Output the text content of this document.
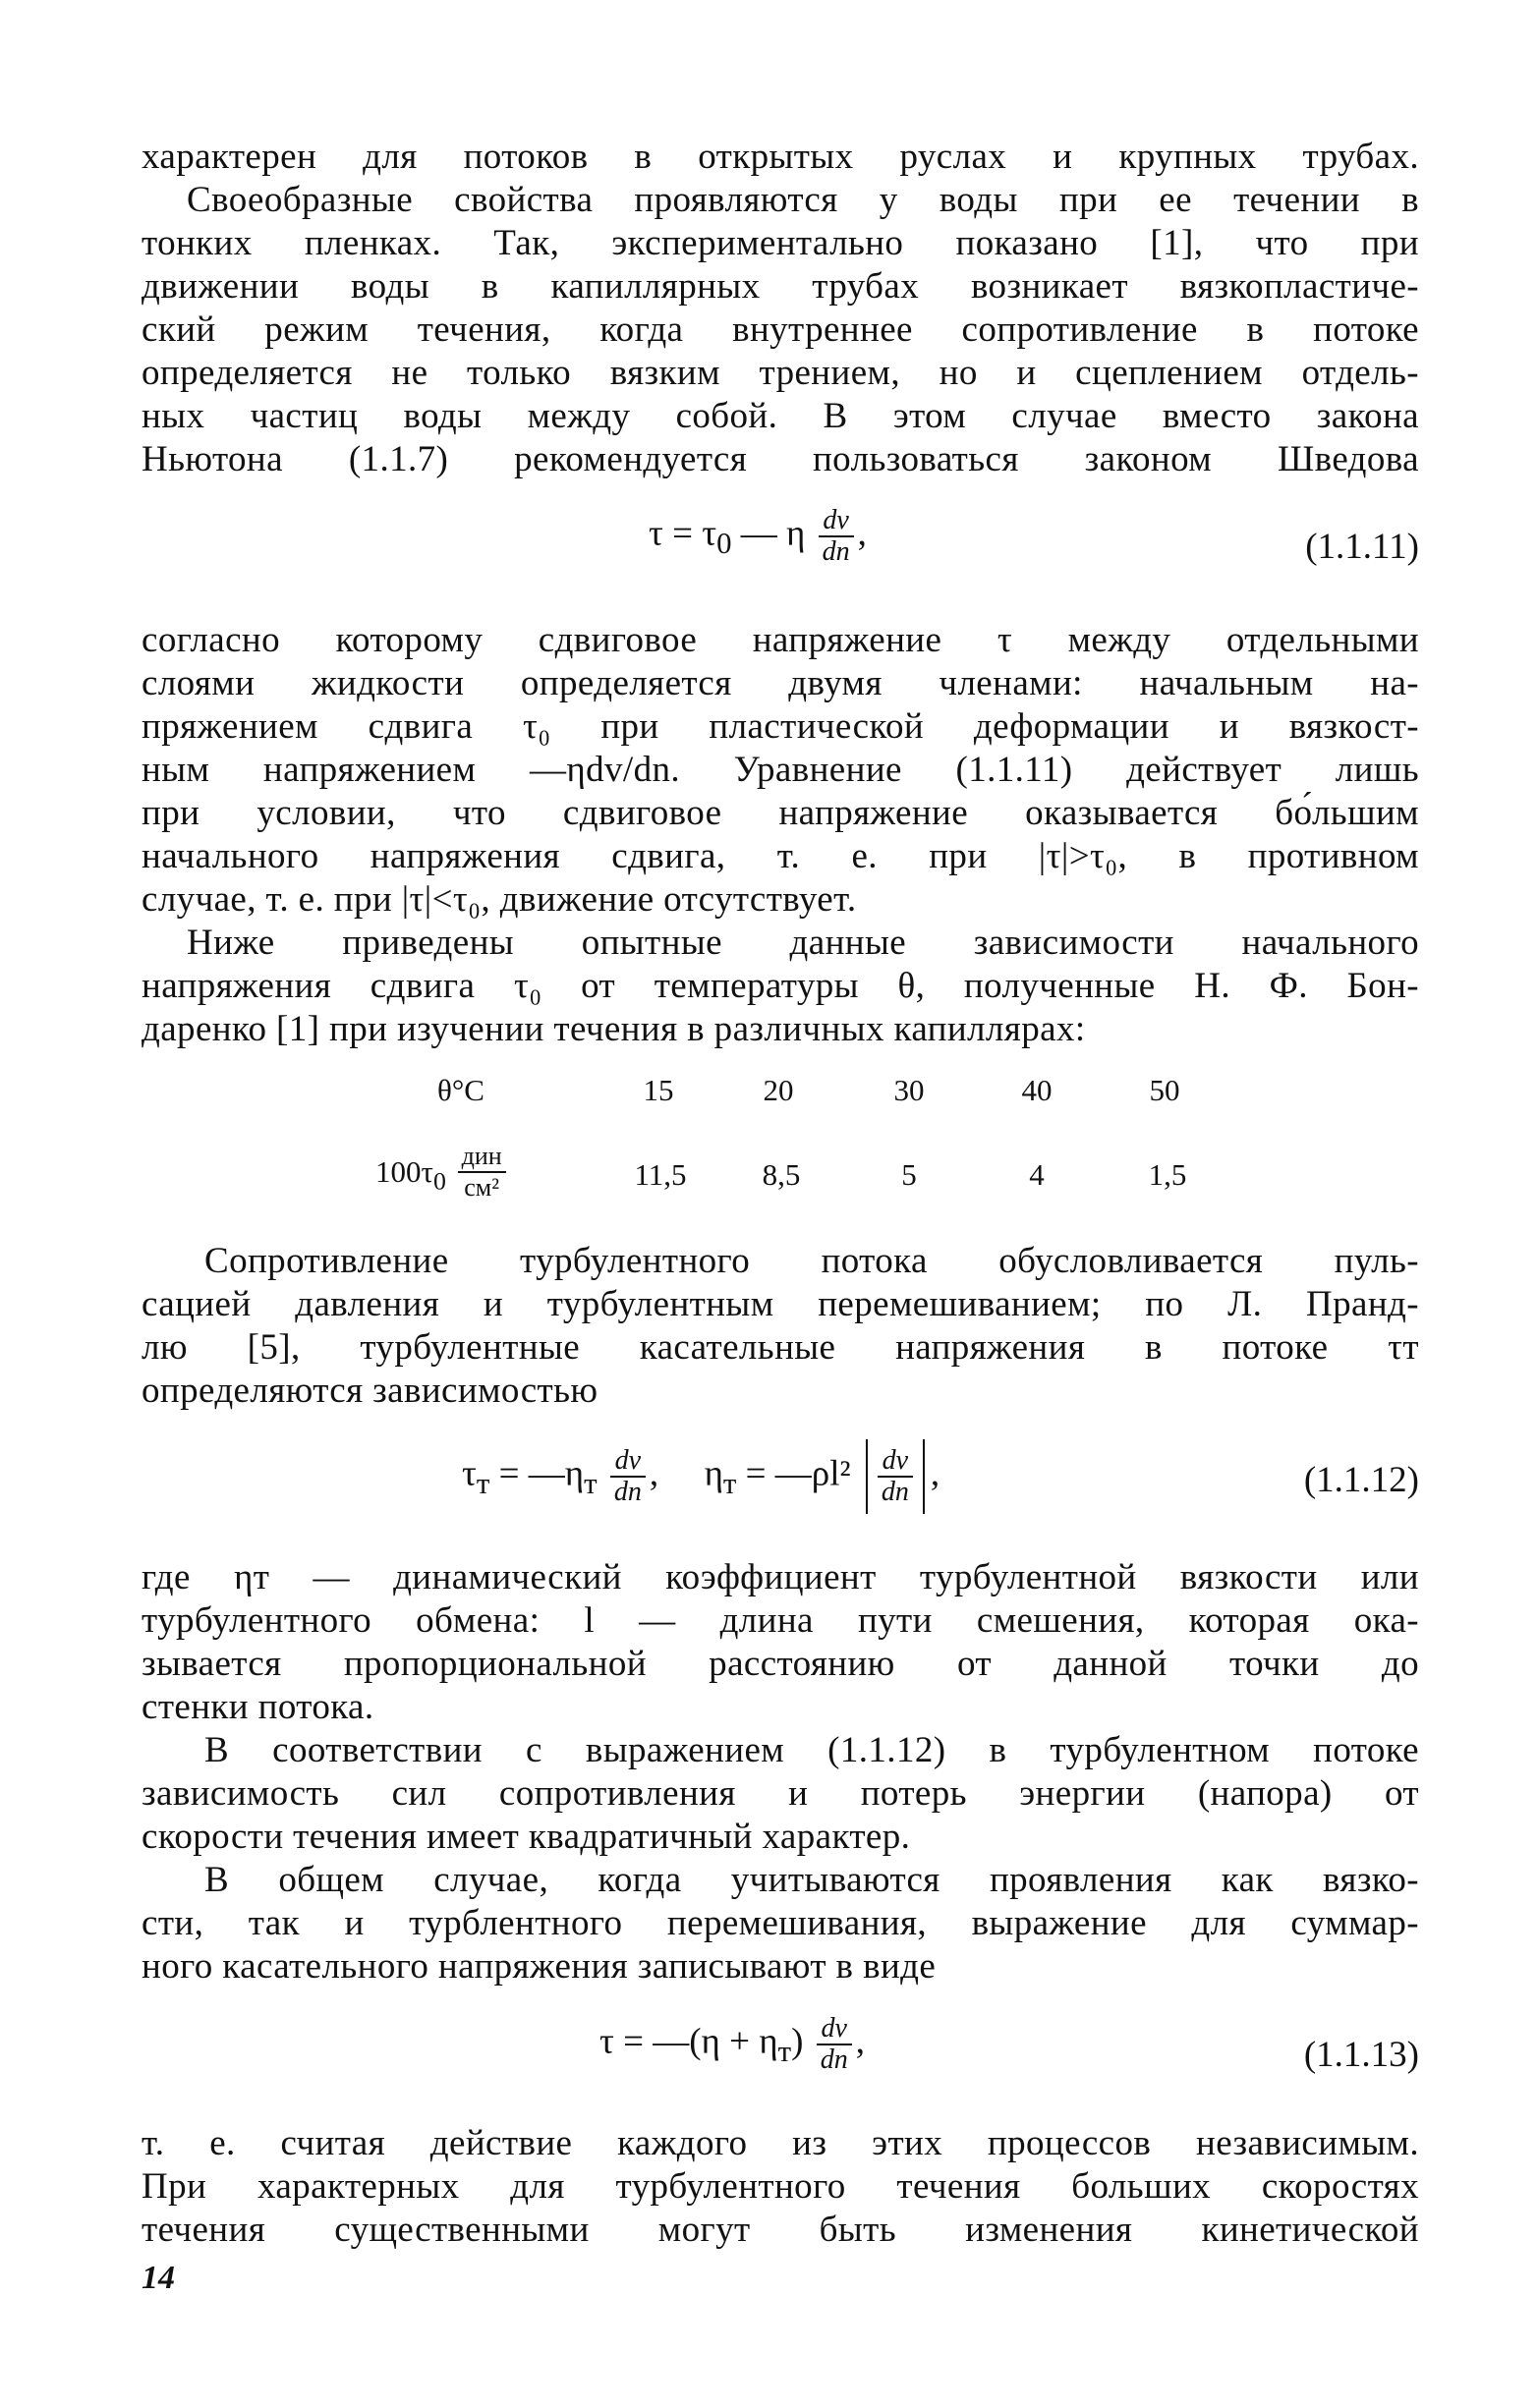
характерен для потоков в открытых руслах и крупных трубах.
Своеобразные свойства проявляются у воды при ее течении в
тонких пленках. Так, экспериментально показано [1], что при
движении воды в капиллярных трубах возникает вязкопластиче-
ский режим течения, когда внутреннее сопротивление в потоке
определяется не только вязким трением, но и сцеплением отдель-
ных частиц воды между собой. В этом случае вместо закона
Ньютона (1.1.7) рекомендуется пользоваться законом Шведова
$\tau = \tau_0$ — η $\frac{dv}{dn}$ ,	(1.1.11)
согласно которому сдвиговое напряжение τ между отдельными
слоями жидкости определяется двумя членами: начальным на-
пряжением сдвига τ₀ при пластической деформации и вязкост-
ным напряжением —ηdv/dn. Уравнение (1.1.11) действует лишь
при условии, что сдвиговое напряжение оказывается бо́льшим
начального напряжения сдвига, т. е. при |τ|>τ₀, в противном
случае, т. е. при |τ|<τ₀, движение отсутствует.
Ниже приведены опытные данные зависимости начального
напряжения сдвига τ₀ от температуры θ, полученные Н. Ф. Бон-
даренко [1] при изучении течения в различных капиллярах:
θ°C	15	20	30	40	50
$100\tau_0 \frac{\text{дин}}{\text{см²}}$	11,5	8,5	5	4	1,5
Сопротивление турбулентного потока обусловливается пуль-
сацией давления и турбулентным перемешиванием; по Л. Пранд-
лю [5], турбулентные касательные напряжения в потоке τт
определяются зависимостью
$\tau_т$ = $—\eta_т \frac{dv}{dn}$ , $\eta_т$ = —ρl² $\frac{dv}{dn}$ ,	(1.1.12)
где ηт — динамический коэффициент турбулентной вязкости или
турбулентного обмена: l — длина пути смешения, которая ока-
зывается пропорциональной расстоянию от данной точки до
стенки потока.
В соответствии с выражением (1.1.12) в турбулентном потоке
зависимость сил сопротивления и потерь энергии (напора) от
скорости течения имеет квадратичный характер.
В общем случае, когда учитываются проявления как вязко-
сти, так и турблентного перемешивания, выражение для суммар-
ного касательного напряжения записывают в виде
τ = —(η + $\eta_т) \frac{dv}{dn}$ ,	(1.1.13)
т. е. считая действие каждого из этих процессов независимым.
При характерных для турбулентного течения больших скоростях
течения существенными могут быть изменения кинетической
14
